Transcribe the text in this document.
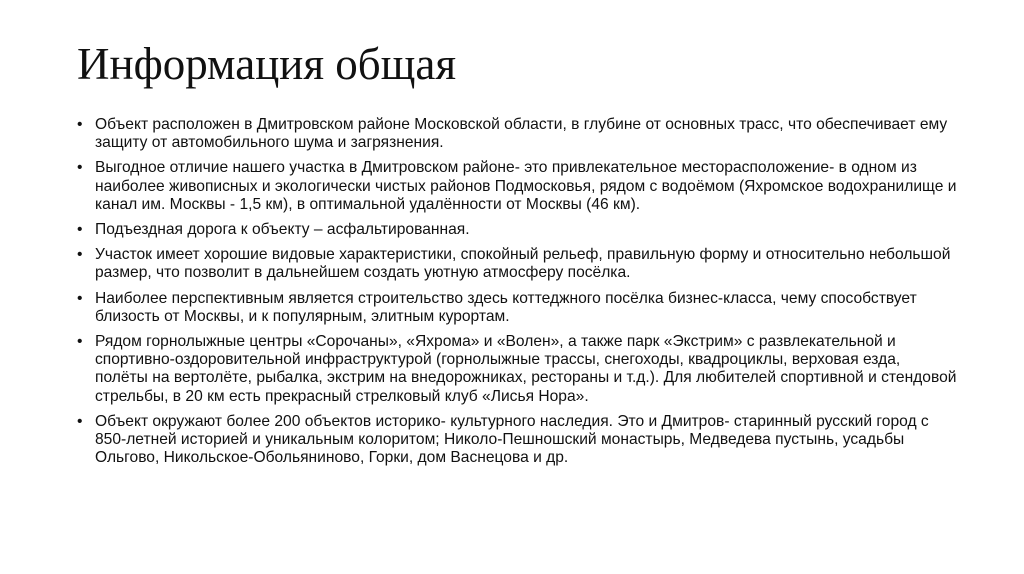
Информация общая
• Объект расположен в Дмитровском районе Московской области, в глубине от основных трасс, что обеспечивает ему защиту от автомобильного шума и загрязнения.
• Выгодное отличие нашего участка в Дмитровском районе- это привлекательное месторасположение- в одном из наиболее живописных и экологически чистых районов Подмосковья, рядом с водоёмом (Яхромское водохранилище и канал им. Москвы - 1,5 км), в оптимальной удалённости от Москвы (46 км).
• Подъездная дорога к объекту – асфальтированная.
• Участок имеет хорошие видовые характеристики, спокойный рельеф, правильную форму и относительно небольшой размер, что позволит в дальнейшем создать уютную атмосферу посёлка.
• Наиболее перспективным является строительство здесь коттеджного посёлка бизнес-класса, чему способствует близость от Москвы, и к популярным, элитным курортам.
• Рядом горнолыжные центры «Сорочаны», «Яхрома» и «Волен», а также парк «Экстрим» с развлекательной и спортивно-оздоровительной инфраструктурой (горнолыжные трассы, снегоходы, квадроциклы, верховая езда, полёты на вертолёте, рыбалка, экстрим на внедорожниках, рестораны и т.д.). Для любителей спортивной и стендовой стрельбы, в 20 км есть прекрасный стрелковый клуб «Лисья Нора».
• Объект окружают более 200 объектов историко- культурного наследия. Это и Дмитров- старинный русский город с 850-летней историей и уникальным колоритом; Николо-Пешношский монастырь, Медведева пустынь, усадьбы Ольгово, Никольское-Обольяниново, Горки, дом Васнецова и др.
